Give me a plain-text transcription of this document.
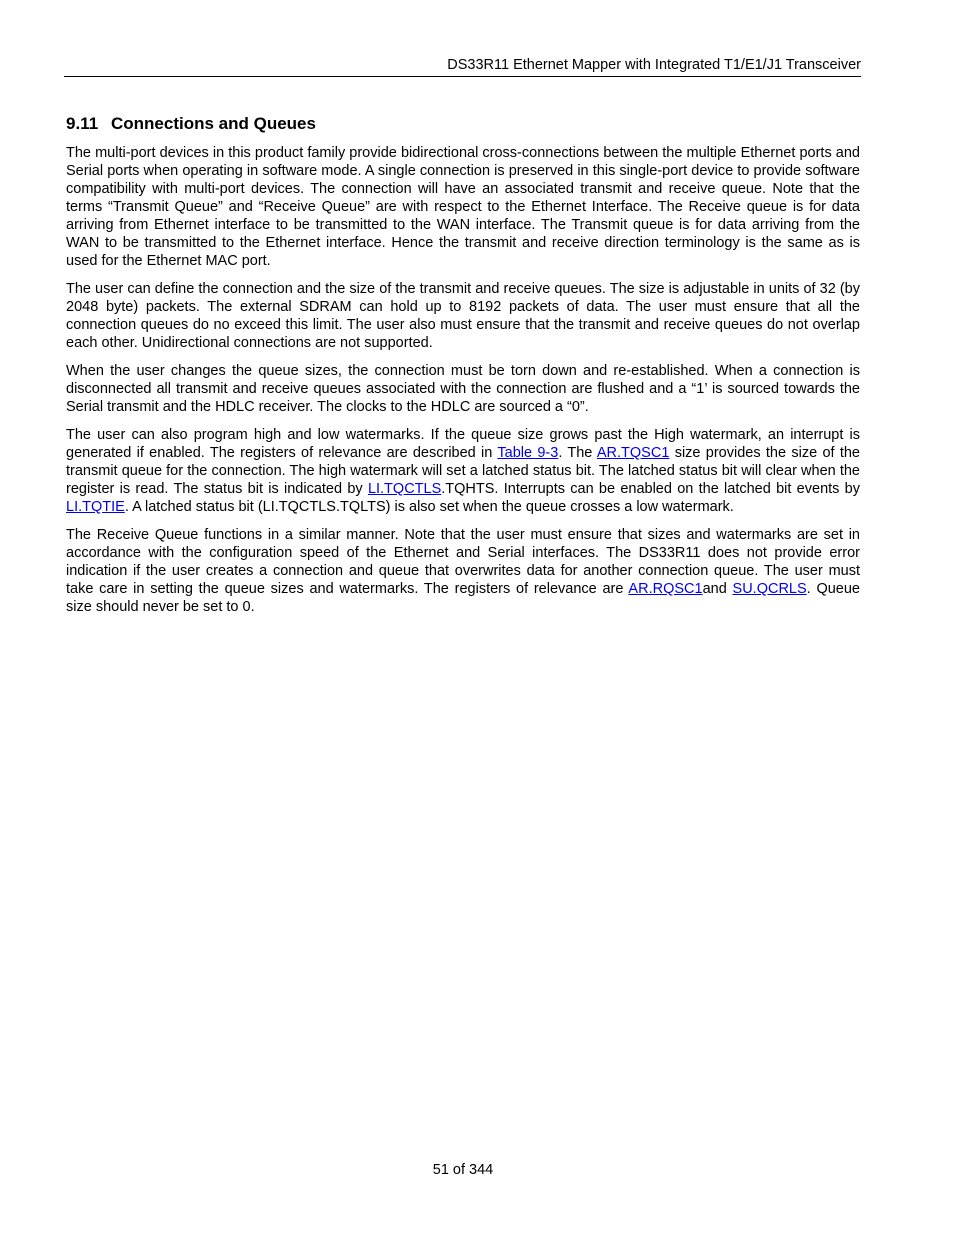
DS33R11 Ethernet Mapper with Integrated T1/E1/J1 Transceiver
9.11 Connections and Queues

The multi-port devices in this product family provide bidirectional cross-connections between the multiple Ethernet ports and Serial ports when operating in software mode. A single connection is preserved in this single-port device to provide software compatibility with multi-port devices. The connection will have an associated transmit and receive queue. Note that the terms “Transmit Queue” and “Receive Queue” are with respect to the Ethernet Interface. The Receive queue is for data arriving from Ethernet interface to be transmitted to the WAN interface. The Transmit queue is for data arriving from the WAN to be transmitted to the Ethernet interface. Hence the transmit and receive direction terminology is the same as is used for the Ethernet MAC port.

The user can define the connection and the size of the transmit and receive queues. The size is adjustable in units of 32 (by 2048 byte) packets. The external SDRAM can hold up to 8192 packets of data. The user must ensure that all the connection queues do no exceed this limit. The user also must ensure that the transmit and receive queues do not overlap each other. Unidirectional connections are not supported.

When the user changes the queue sizes, the connection must be torn down and re-established. When a connection is disconnected all transmit and receive queues associated with the connection are flushed and a “1’ is sourced towards the Serial transmit and the HDLC receiver. The clocks to the HDLC are sourced a “0”.

The user can also program high and low watermarks. If the queue size grows past the High watermark, an interrupt is generated if enabled. The registers of relevance are described in Table 9-3. The AR.TQSC1 size provides the size of the transmit queue for the connection. The high watermark will set a latched status bit. The latched status bit will clear when the register is read. The status bit is indicated by LI.TQCTLS.TQHTS. Interrupts can be enabled on the latched bit events by LI.TQTIE. A latched status bit (LI.TQCTLS.TQLTS) is also set when the queue crosses a low watermark.

The Receive Queue functions in a similar manner. Note that the user must ensure that sizes and watermarks are set in accordance with the configuration speed of the Ethernet and Serial interfaces. The DS33R11 does not provide error indication if the user creates a connection and queue that overwrites data for another connection queue. The user must take care in setting the queue sizes and watermarks. The registers of relevance are AR.RQSC1and SU.QCRLS. Queue size should never be set to 0.

51 of 344
